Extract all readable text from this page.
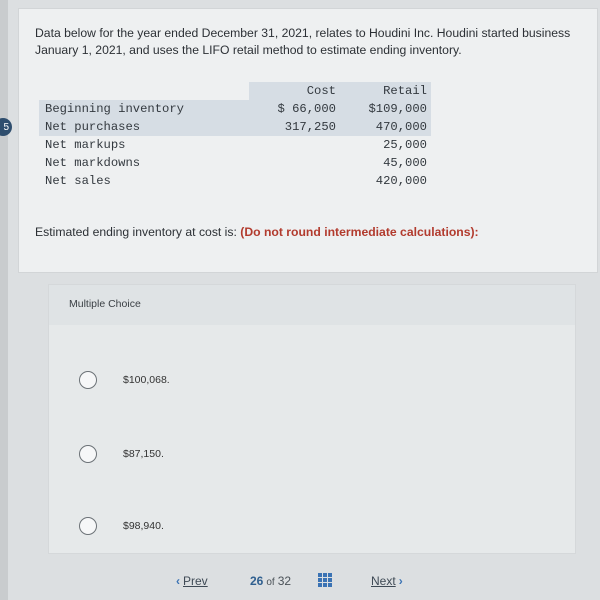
5
Data below for the year ended December 31, 2021, relates to Houdini Inc. Houdini started business January 1, 2021, and uses the LIFO retail method to estimate ending inventory.
	Cost	Retail
Beginning inventory	$ 66,000	$109,000
Net purchases	317,250	470,000
Net markups		25,000
Net markdowns		45,000
Net sales		420,000
Estimated ending inventory at cost is: (Do not round intermediate calculations):
Multiple Choice
$100,068.
$87,150.
$98,940.
‹ Prev	26 of 32	Next ›
